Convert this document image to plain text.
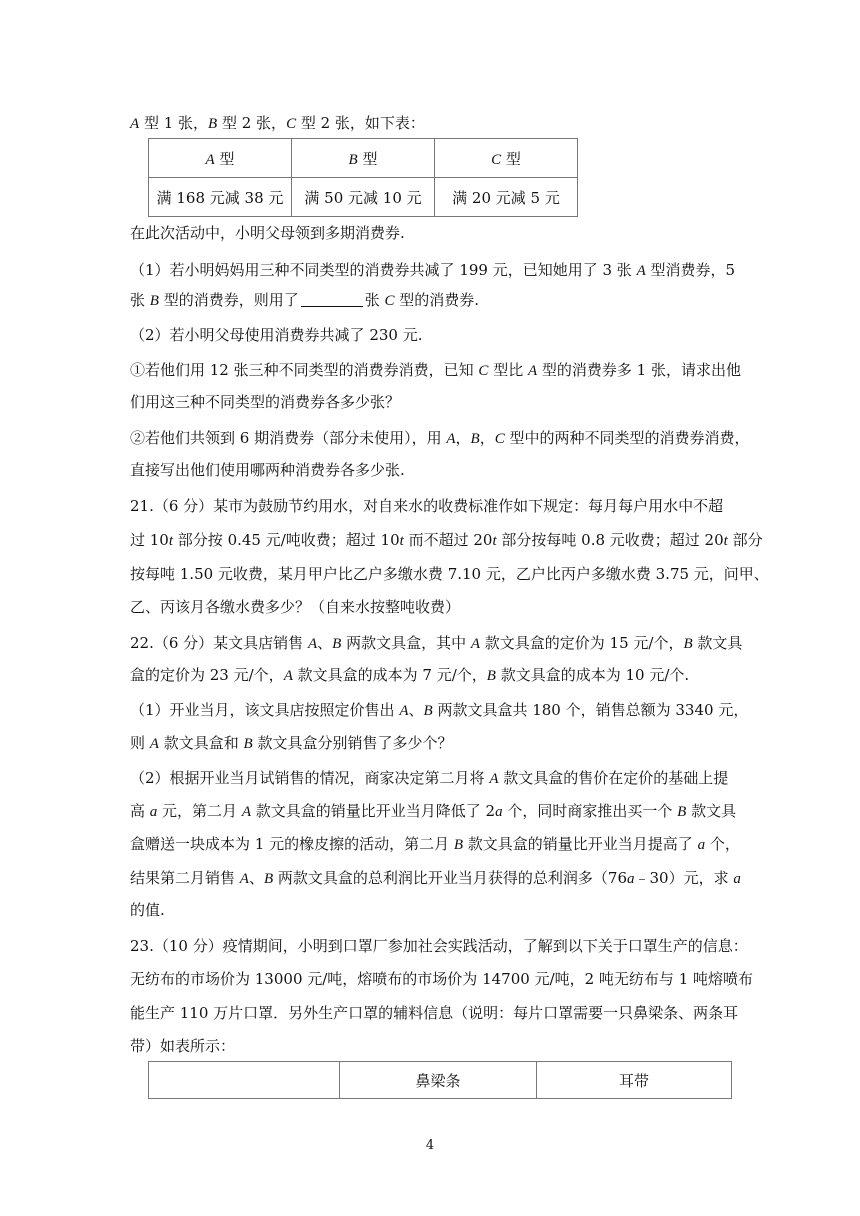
A 型 1 张，B 型 2 张，C 型 2 张，如下表：
A 型	B 型	C 型
满 168 元减 38 元	满 50 元减 10 元	满 20 元减 5 元
在此次活动中，小明父母领到多期消费券.
（1）若小明妈妈用三种不同类型的消费券共减了 199 元，已知她用了 3 张 A 型消费券，5
张 B 型的消费券，则用了	张 C 型的消费券.
（2）若小明父母使用消费券共减了 230 元.
①若他们用 12 张三种不同类型的消费券消费，已知 C 型比 A 型的消费券多 1 张，请求出他
们用这三种不同类型的消费券各多少张？
②若他们共领到 6 期消费券（部分未使用），用 A，B，C 型中的两种不同类型的消费券消费，
直接写出他们使用哪两种消费券各多少张.
21.（6 分）某市为鼓励节约用水，对自来水的收费标准作如下规定：每月每户用水中不超
过 10t 部分按 0.45 元/吨收费；超过 10t 而不超过 20t 部分按每吨 0.8 元收费；超过 20t 部分
按每吨 1.50 元收费，某月甲户比乙户多缴水费 7.10 元，乙户比丙户多缴水费 3.75 元，问甲、
乙、丙该月各缴水费多少？（自来水按整吨收费）
22.（6 分）某文具店销售 A、B 两款文具盒，其中 A 款文具盒的定价为 15 元/个，B 款文具
盒的定价为 23 元/个，A 款文具盒的成本为 7 元/个，B 款文具盒的成本为 10 元/个.
（1）开业当月，该文具店按照定价售出 A、B 两款文具盒共 180 个，销售总额为 3340 元，
则 A 款文具盒和 B 款文具盒分别销售了多少个？
（2）根据开业当月试销售的情况，商家决定第二月将 A 款文具盒的售价在定价的基础上提
高 a 元，第二月 A 款文具盒的销量比开业当月降低了 2a 个，同时商家推出买一个 B 款文具
盒赠送一块成本为 1 元的橡皮擦的活动，第二月 B 款文具盒的销量比开业当月提高了 a 个，
结果第二月销售 A、B 两款文具盒的总利润比开业当月获得的总利润多（76a﹣30）元，求 a
的值.
23.（10 分）疫情期间，小明到口罩厂参加社会实践活动，了解到以下关于口罩生产的信息：
无纺布的市场价为 13000 元/吨，熔喷布的市场价为 14700 元/吨，2 吨无纺布与 1 吨熔喷布
能生产 110 万片口罩．另外生产口罩的辅料信息（说明：每片口罩需要一只鼻梁条、两条耳
带）如表所示：
	鼻梁条	耳带
4
